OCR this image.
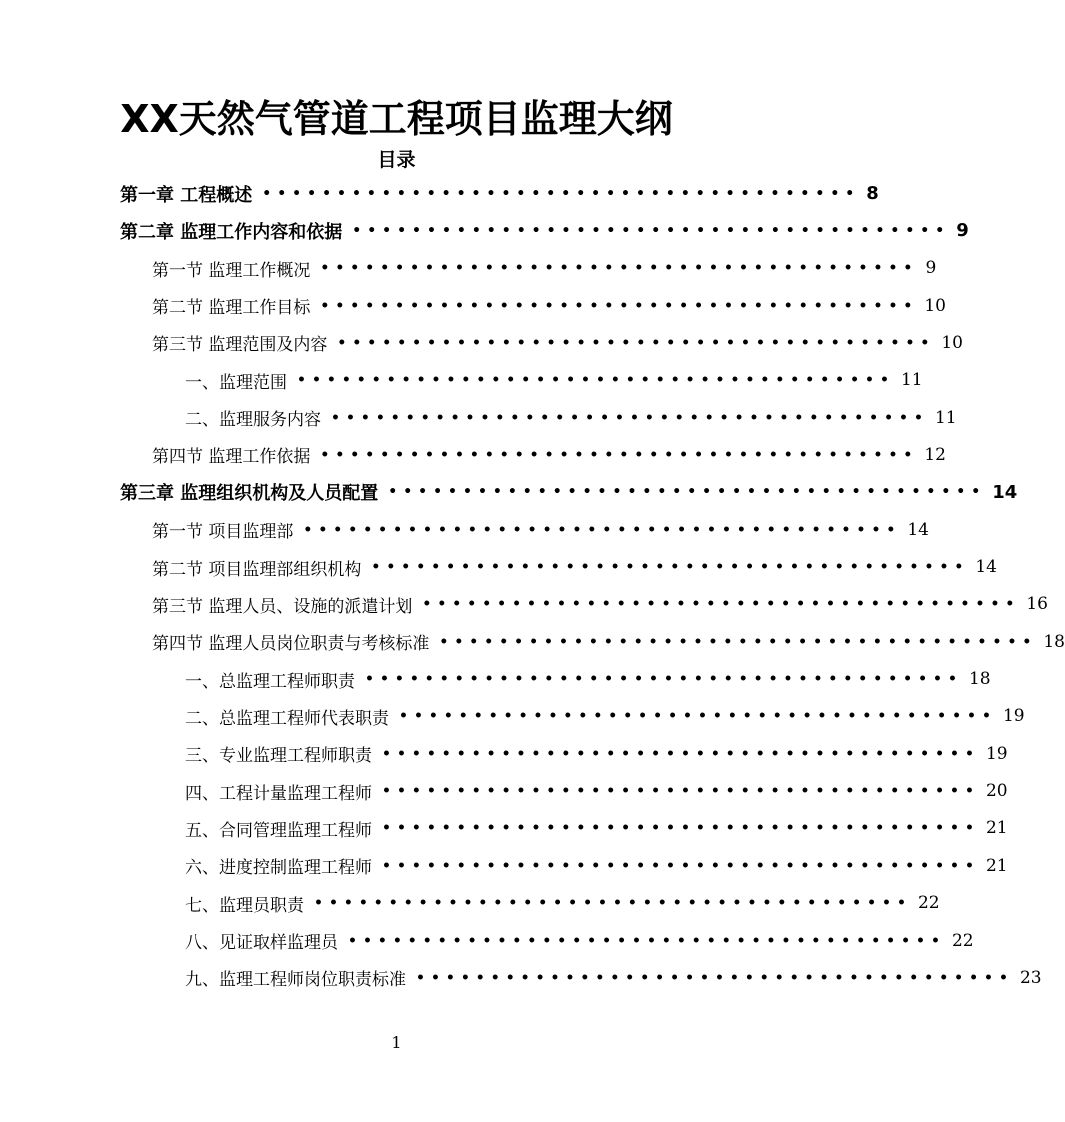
XX天然气管道工程项目监理大纲
目录
第一章 工程概述 •••••••••••••••••••••••••••••••••••••••• 8
第二章 监理工作内容和依据 •••••••••••••••••••••••••••••••••••••••• 9
第一节 监理工作概况 •••••••••••••••••••••••••••••••••••••••• 9
第二节 监理工作目标 •••••••••••••••••••••••••••••••••••••••• 10
第三节 监理范围及内容 •••••••••••••••••••••••••••••••••••••••• 10
一、监理范围 •••••••••••••••••••••••••••••••••••••••• 11
二、监理服务内容 •••••••••••••••••••••••••••••••••••••••• 11
第四节 监理工作依据 •••••••••••••••••••••••••••••••••••••••• 12
第三章 监理组织机构及人员配置 •••••••••••••••••••••••••••••••••••••••• 14
第一节 项目监理部 •••••••••••••••••••••••••••••••••••••••• 14
第二节 项目监理部组织机构 •••••••••••••••••••••••••••••••••••••••• 14
第三节 监理人员、设施的派遣计划 •••••••••••••••••••••••••••••••••••••••• 16
第四节 监理人员岗位职责与考核标准 •••••••••••••••••••••••••••••••••••••••• 18
一、总监理工程师职责 •••••••••••••••••••••••••••••••••••••••• 18
二、总监理工程师代表职责 •••••••••••••••••••••••••••••••••••••••• 19
三、专业监理工程师职责 •••••••••••••••••••••••••••••••••••••••• 19
四、工程计量监理工程师 •••••••••••••••••••••••••••••••••••••••• 20
五、合同管理监理工程师 •••••••••••••••••••••••••••••••••••••••• 21
六、进度控制监理工程师 •••••••••••••••••••••••••••••••••••••••• 21
七、监理员职责 •••••••••••••••••••••••••••••••••••••••• 22
八、见证取样监理员 •••••••••••••••••••••••••••••••••••••••• 22
九、监理工程师岗位职责标准 •••••••••••••••••••••••••••••••••••••••• 23
1
